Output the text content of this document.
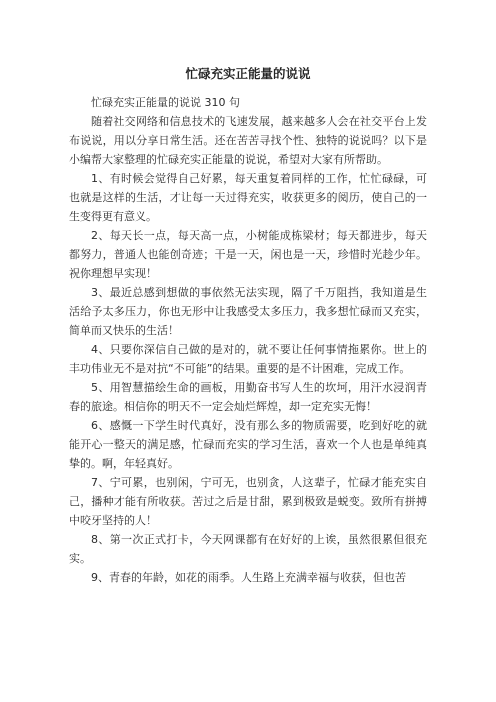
忙碌充实正能量的说说

忙碌充实正能量的说说 310 句

随着社交网络和信息技术的飞速发展，越来越多人会在社交平台上发布说说，用以分享日常生活。还在苦苦寻找个性、独特的说说吗？以下是小编帮大家整理的忙碌充实正能量的说说，希望对大家有所帮助。

1、有时候会觉得自己好累，每天重复着同样的工作，忙忙碌碌，可也就是这样的生活，才让每一天过得充实，收获更多的阅历，使自己的一生变得更有意义。

2、每天长一点，每天高一点，小树能成栋梁材；每天都进步，每天都努力，普通人也能创奇迹；干是一天，闲也是一天，珍惜时光趁少年。祝你理想早实现！

3、最近总感到想做的事依然无法实现，隔了千万阻挡，我知道是生活给予太多压力，你也无形中让我感受太多压力，我多想忙碌而又充实，简单而又快乐的生活！

4、只要你深信自己做的是对的，就不要让任何事情拖累你。世上的丰功伟业无不是对抗“不可能”的结果。重要的是不计困难，完成工作。

5、用智慧描绘生命的画板，用勤奋书写人生的坎坷，用汗水浸润青春的旅途。相信你的明天不一定会灿烂辉煌，却一定充实无悔！

6、感慨一下学生时代真好，没有那么多的物质需要，吃到好吃的就能开心一整天的满足感，忙碌而充实的学习生活，喜欢一个人也是单纯真挚的。啊，年轻真好。

7、宁可累，也别闲，宁可无，也别贪，人这辈子，忙碌才能充实自己，播种才能有所收获。苦过之后是甘甜，累到极致是蜕变。致所有拼搏中咬牙坚持的人！

8、第一次正式打卡，今天网课都有在好好的上诶，虽然很累但很充实。

9、青春的年龄，如花的雨季。人生路上充满幸福与收获，但也苦
